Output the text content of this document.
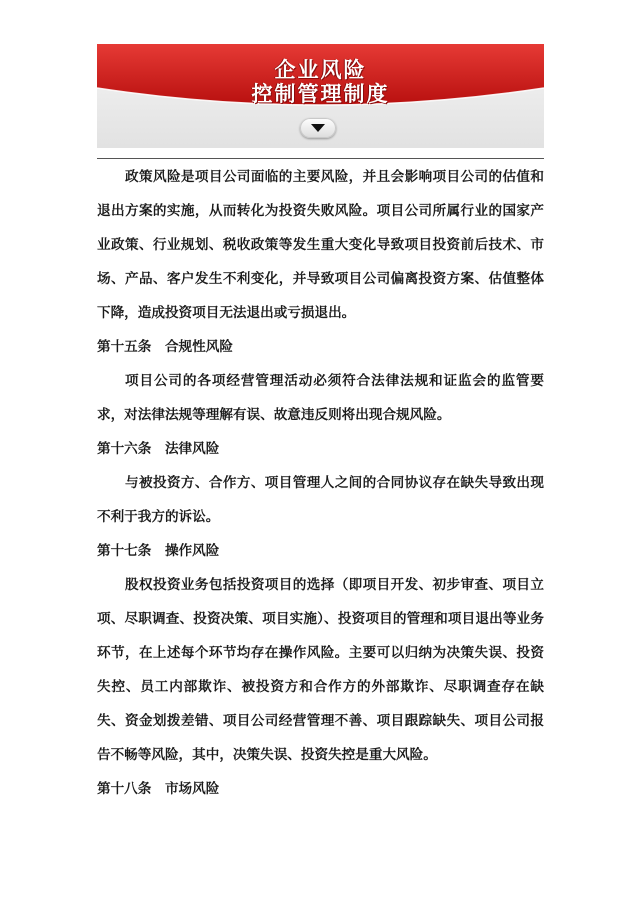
企业风险
控制管理制度

政策风险是项目公司面临的主要风险，并且会影响项目公司的估值和退出方案的实施，从而转化为投资失败风险。项目公司所属行业的国家产业政策、行业规划、税收政策等发生重大变化导致项目投资前后技术、市场、产品、客户发生不利变化，并导致项目公司偏离投资方案、估值整体下降，造成投资项目无法退出或亏损退出。

第十五条　合规性风险

项目公司的各项经营管理活动必须符合法律法规和证监会的监管要求，对法律法规等理解有误、故意违反则将出现合规风险。

第十六条　法律风险

与被投资方、合作方、项目管理人之间的合同协议存在缺失导致出现不利于我方的诉讼。

第十七条　操作风险

股权投资业务包括投资项目的选择（即项目开发、初步审查、项目立项、尽职调查、投资决策、项目实施）、投资项目的管理和项目退出等业务环节，在上述每个环节均存在操作风险。主要可以归纳为决策失误、投资失控、员工内部欺诈、被投资方和合作方的外部欺诈、尽职调查存在缺失、资金划拨差错、项目公司经营管理不善、项目跟踪缺失、项目公司报告不畅等风险，其中，决策失误、投资失控是重大风险。

第十八条　市场风险
